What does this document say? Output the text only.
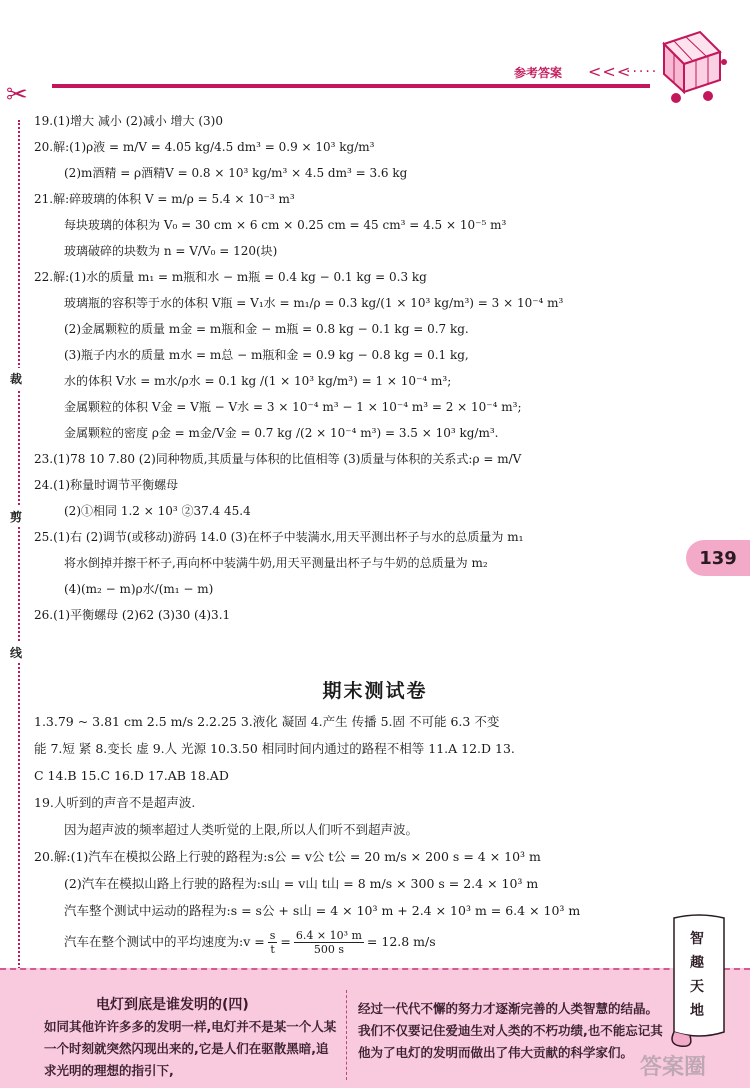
参考答案 <<<
·····
✂
裁
剪
线
139
19.(1)增大 减小 (2)减小 增大 (3)0
20.解:(1)ρ液 = m/V = 4.05 kg/4.5 dm³ = 0.9 × 10³ kg/m³
(2)m酒精 = ρ酒精V = 0.8 × 10³ kg/m³ × 4.5 dm³ = 3.6 kg
21.解:碎玻璃的体积 V = m/ρ = 5.4 × 10⁻³ m³
每块玻璃的体积为 V₀ = 30 cm × 6 cm × 0.25 cm = 45 cm³ = 4.5 × 10⁻⁵ m³
玻璃破碎的块数为 n = V/V₀ = 120(块)
22.解:(1)水的质量 m₁ = m瓶和水 − m瓶 = 0.4 kg − 0.1 kg = 0.3 kg
玻璃瓶的容积等于水的体积 V瓶 = V₁水 = m₁/ρ = 0.3 kg/(1 × 10³ kg/m³) = 3 × 10⁻⁴ m³
(2)金属颗粒的质量 m金 = m瓶和金 − m瓶 = 0.8 kg − 0.1 kg = 0.7 kg.
(3)瓶子内水的质量 m水 = m总 − m瓶和金 = 0.9 kg − 0.8 kg = 0.1 kg,
水的体积 V水 = m水/ρ水 = 0.1 kg /(1 × 10³ kg/m³) = 1 × 10⁻⁴ m³;
金属颗粒的体积 V金 = V瓶 − V水 = 3 × 10⁻⁴ m³ − 1 × 10⁻⁴ m³ = 2 × 10⁻⁴ m³;
金属颗粒的密度 ρ金 = m金/V金 = 0.7 kg /(2 × 10⁻⁴ m³) = 3.5 × 10³ kg/m³.
23.(1)78 10 7.80 (2)同种物质,其质量与体积的比值相等 (3)质量与体积的关系式:ρ = m/V
24.(1)称量时调节平衡螺母
(2)①相同 1.2 × 10³ ②37.4 45.4
25.(1)右 (2)调节(或移动)游码 14.0 (3)在杯子中装满水,用天平测出杯子与水的总质量为 m₁
将水倒掉并擦干杯子,再向杯中装满牛奶,用天平测量出杯子与牛奶的总质量为 m₂
(4)(m₂ − m)ρ水/(m₁ − m)
26.(1)平衡螺母 (2)62 (3)30 (4)3.1
期末测试卷
1.3.79 ~ 3.81 cm 2.5 m/s 2.2.25 3.液化 凝固 4.产生 传播 5.固 不可能 6.3 不变
能 7.短 紧 8.变长 虚 9.人 光源 10.3.50 相同时间内通过的路程不相等 11.A 12.D 13.
C 14.B 15.C 16.D 17.AB 18.AD
19.人听到的声音不是超声波.
因为超声波的频率超过人类听觉的上限,所以人们听不到超声波。
20.解:(1)汽车在模拟公路上行驶的路程为:s公 = v公 t公 = 20 m/s × 200 s = 4 × 10³ m
(2)汽车在模拟山路上行驶的路程为:s山 = v山 t山 = 8 m/s × 300 s = 2.4 × 10³ m
汽车整个测试中运动的路程为:s = s公 + s山 = 4 × 10³ m + 2.4 × 10³ m = 6.4 × 10³ m
汽车在整个测试中的平均速度为:v = $\frac{s}{t} = \frac{\text{6.4 × 10³ m}}{500 s} = 12.8$ m/s
电灯到底是谁发明的(四)
如同其他许许多多的发明一样,电灯并不是某一个人某一个时刻就突然闪现出来的,它是人们在驱散黑暗,追求光明的理想的指引下,
经过一代代不懈的努力才逐渐完善的人类智慧的结晶。我们不仅要记住爱迪生对人类的不朽功绩,也不能忘记其他为了电灯的发明而做出了伟大贡献的科学家们。
智
趣
天
地
答案圈
